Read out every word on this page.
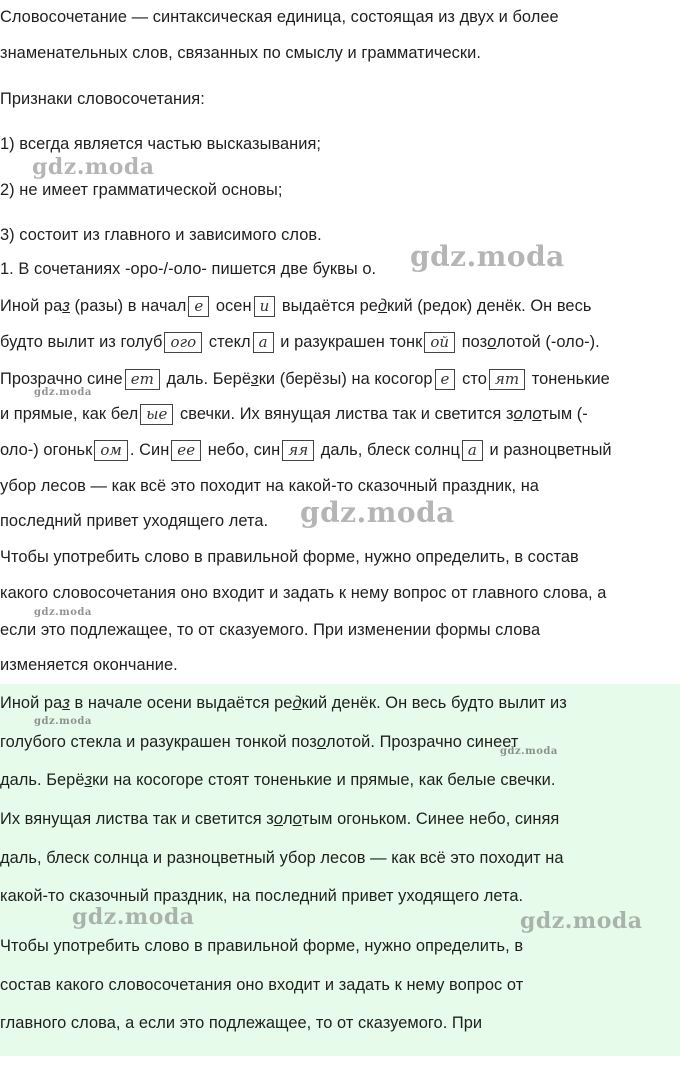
Словосочетание — синтаксическая единица, состоящая из двух и более
знаменательных слов, связанных по смыслу и грамматически.
Признаки словосочетания:
1) всегда является частью высказывания;
2) не имеет грамматической основы;
3) состоит из главного и зависимого слов.
1. В сочетаниях -оро-/-оло- пишется две буквы о.
Иной раз (разы) в начал е осен и выдаётся редкий (редок) денёк. Он весь
будто вылит из голуб ого стекл а и разукрашен тонк ой позолотой (-оло-).
Прозрачно сине ет даль. Берёзки (берёзы) на косогор е сто ят тоненькие
и прямые, как бел ые свечки. Их вянущая листва так и светится золотым (-
оло-) огоньк ом . Син ее небо, син яя даль, блеск солнц а и разноцветный
убор лесов — как всё это походит на какой-то сказочный праздник, на
последний привет уходящего лета.
Чтобы употребить слово в правильной форме, нужно определить, в состав
какого словосочетания оно входит и задать к нему вопрос от главного слова, а
если это подлежащее, то от сказуемого. При изменении формы слова
изменяется окончание.
Иной раз в начале осени выдаётся редкий денёк. Он весь будто вылит из
голубого стекла и разукрашен тонкой позолотой. Прозрачно синеет
даль. Берёзки на косогоре стоят тоненькие и прямые, как белые свечки.
Их вянущая листва так и светится золотым огоньком. Синее небо, синяя
даль, блеск солнца и разноцветный убор лесов — как всё это походит на
какой-то сказочный праздник, на последний привет уходящего лета.
Чтобы употребить слово в правильной форме, нужно определить, в
состав какого словосочетания оно входит и задать к нему вопрос от
главного слова, а если это подлежащее, то от сказуемого. При
gdz.moda
gdz.moda
gdz.moda
gdz.moda
gdz.moda
gdz.moda
gdz.moda
gdz.moda	gdz.moda
